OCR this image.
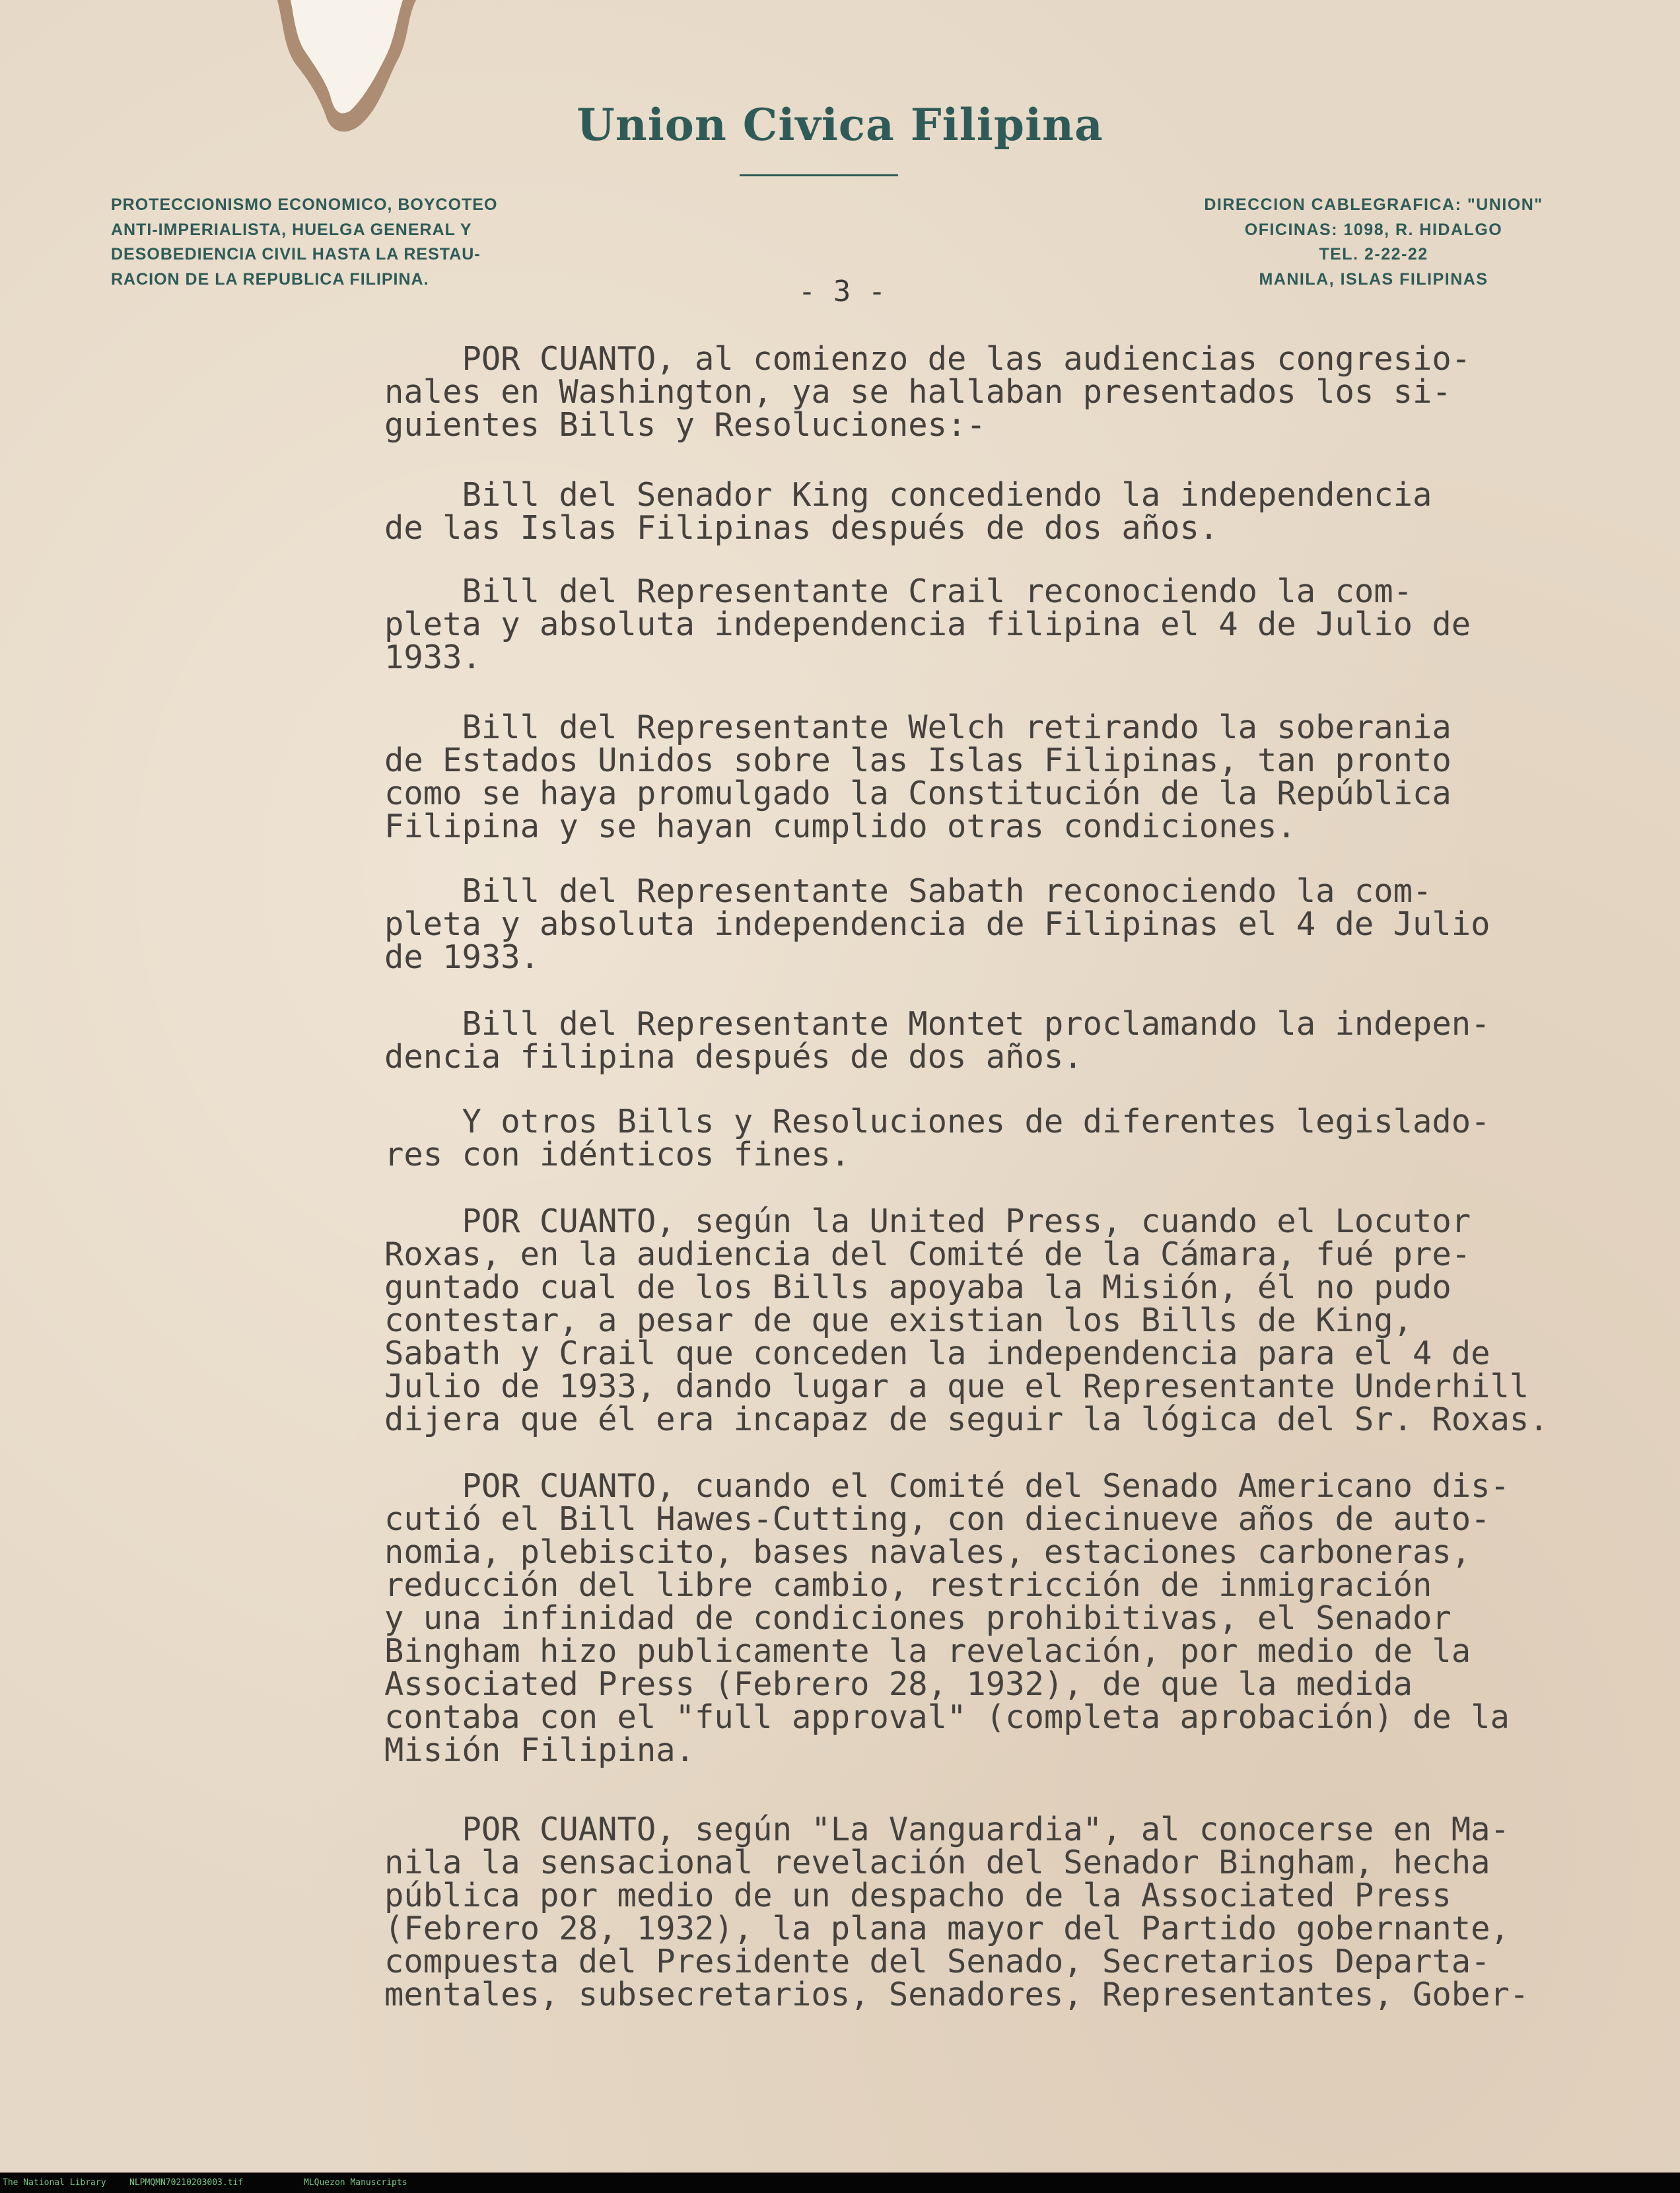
Union Civica Filipina
PROTECCIONISMO ECONOMICO, BOYCOTEO
ANTI-IMPERIALISTA, HUELGA GENERAL Y
DESOBEDIENCIA CIVIL HASTA LA RESTAU-
RACION DE LA REPUBLICA FILIPINA.
DIRECCION CABLEGRAFICA: "UNION"
OFICINAS: 1098, R. HIDALGO
TEL. 2-22-22
MANILA, ISLAS FILIPINAS
- 3 -
POR CUANTO, al comienzo de las audiencias congresio-
nales en Washington, ya se hallaban presentados los si-
guientes Bills y Resoluciones:-
Bill del Senador King concediendo la independencia
de las Islas Filipinas después de dos años.
Bill del Representante Crail reconociendo la com-
pleta y absoluta independencia filipina el 4 de Julio de
1933.
Bill del Representante Welch retirando la soberania
de Estados Unidos sobre las Islas Filipinas, tan pronto
como se haya promulgado la Constitución de la República
Filipina y se hayan cumplido otras condiciones.
Bill del Representante Sabath reconociendo la com-
pleta y absoluta independencia de Filipinas el 4 de Julio
de 1933.
Bill del Representante Montet proclamando la indepen-
dencia filipina después de dos años.
Y otros Bills y Resoluciones de diferentes legislado-
res con idénticos fines.
POR CUANTO, según la United Press, cuando el Locutor
Roxas, en la audiencia del Comité de la Cámara, fué pre-
guntado cual de los Bills apoyaba la Misión, él no pudo
contestar, a pesar de que existian los Bills de King,
Sabath y Crail que conceden la independencia para el 4 de
Julio de 1933, dando lugar a que el Representante Underhill
dijera que él era incapaz de seguir la lógica del Sr. Roxas.
POR CUANTO, cuando el Comité del Senado Americano dis-
cutió el Bill Hawes-Cutting, con diecinueve años de auto-
nomia, plebiscito, bases navales, estaciones carboneras,
reducción del libre cambio, restricción de inmigración
y una infinidad de condiciones prohibitivas, el Senador
Bingham hizo publicamente la revelación, por medio de la
Associated Press (Febrero 28, 1932), de que la medida
contaba con el "full approval" (completa aprobación) de la
Misión Filipina.
POR CUANTO, según "La Vanguardia", al conocerse en Ma-
nila la sensacional revelación del Senador Bingham, hecha
pública por medio de un despacho de la Associated Press
(Febrero 28, 1932), la plana mayor del Partido gobernante,
compuesta del Presidente del Senado, Secretarios Departa-
mentales, subsecretarios, Senadores, Representantes, Gober-
The National Library	NLPMQMN70210203003.tif	MLQuezon Manuscripts
